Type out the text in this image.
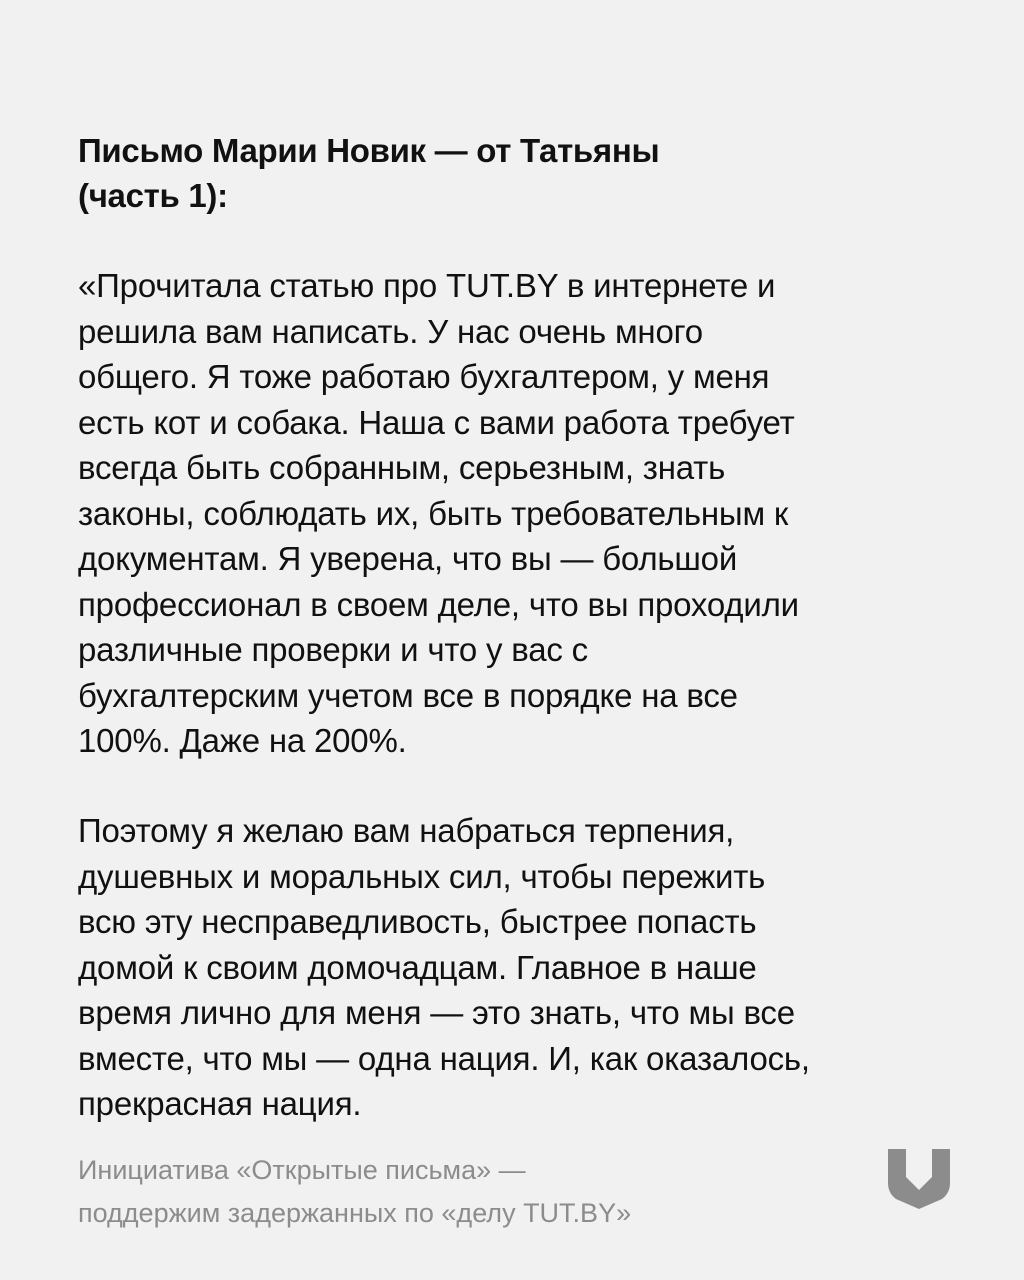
Письмо Марии Новик — от Татьяны
(часть 1):

«Прочитала статью про TUT.BY в интернете и
решила вам написать. У нас очень много
общего. Я тоже работаю бухгалтером, у меня
есть кот и собака. Наша с вами работа требует
всегда быть собранным, серьезным, знать
законы, соблюдать их, быть требовательным к
документам. Я уверена, что вы — большой
профессионал в своем деле, что вы проходили
различные проверки и что у вас с
бухгалтерским учетом все в порядке на все
100%. Даже на 200%.

Поэтому я желаю вам набраться терпения,
душевных и моральных сил, чтобы пережить
всю эту несправедливость, быстрее попасть
домой к своим домочадцам. Главное в наше
время лично для меня — это знать, что мы все
вместе, что мы — одна нация. И, как оказалось,
прекрасная нация.

Инициатива «Открытые письма» —
поддержим задержанных по «делу TUT.BY»
